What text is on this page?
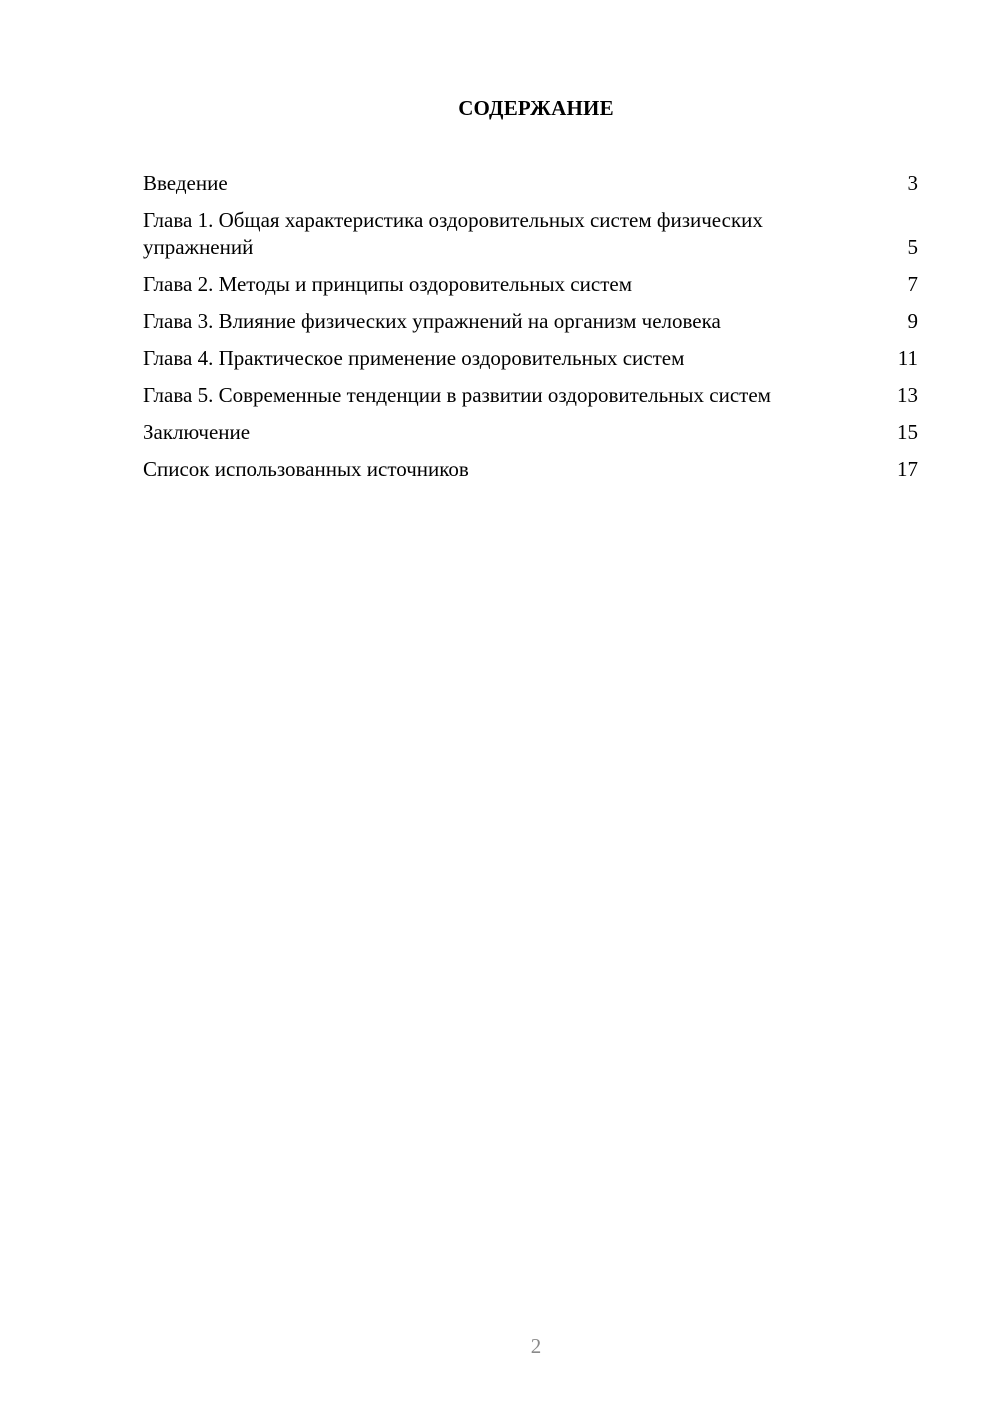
СОДЕРЖАНИЕ
Введение	3
Глава 1. Общая характеристика оздоровительных систем физических упражнений	5
Глава 2. Методы и принципы оздоровительных систем	7
Глава 3. Влияние физических упражнений на организм человека	9
Глава 4. Практическое применение оздоровительных систем	11
Глава 5. Современные тенденции в развитии оздоровительных систем	13
Заключение	15
Список использованных источников	17
2
